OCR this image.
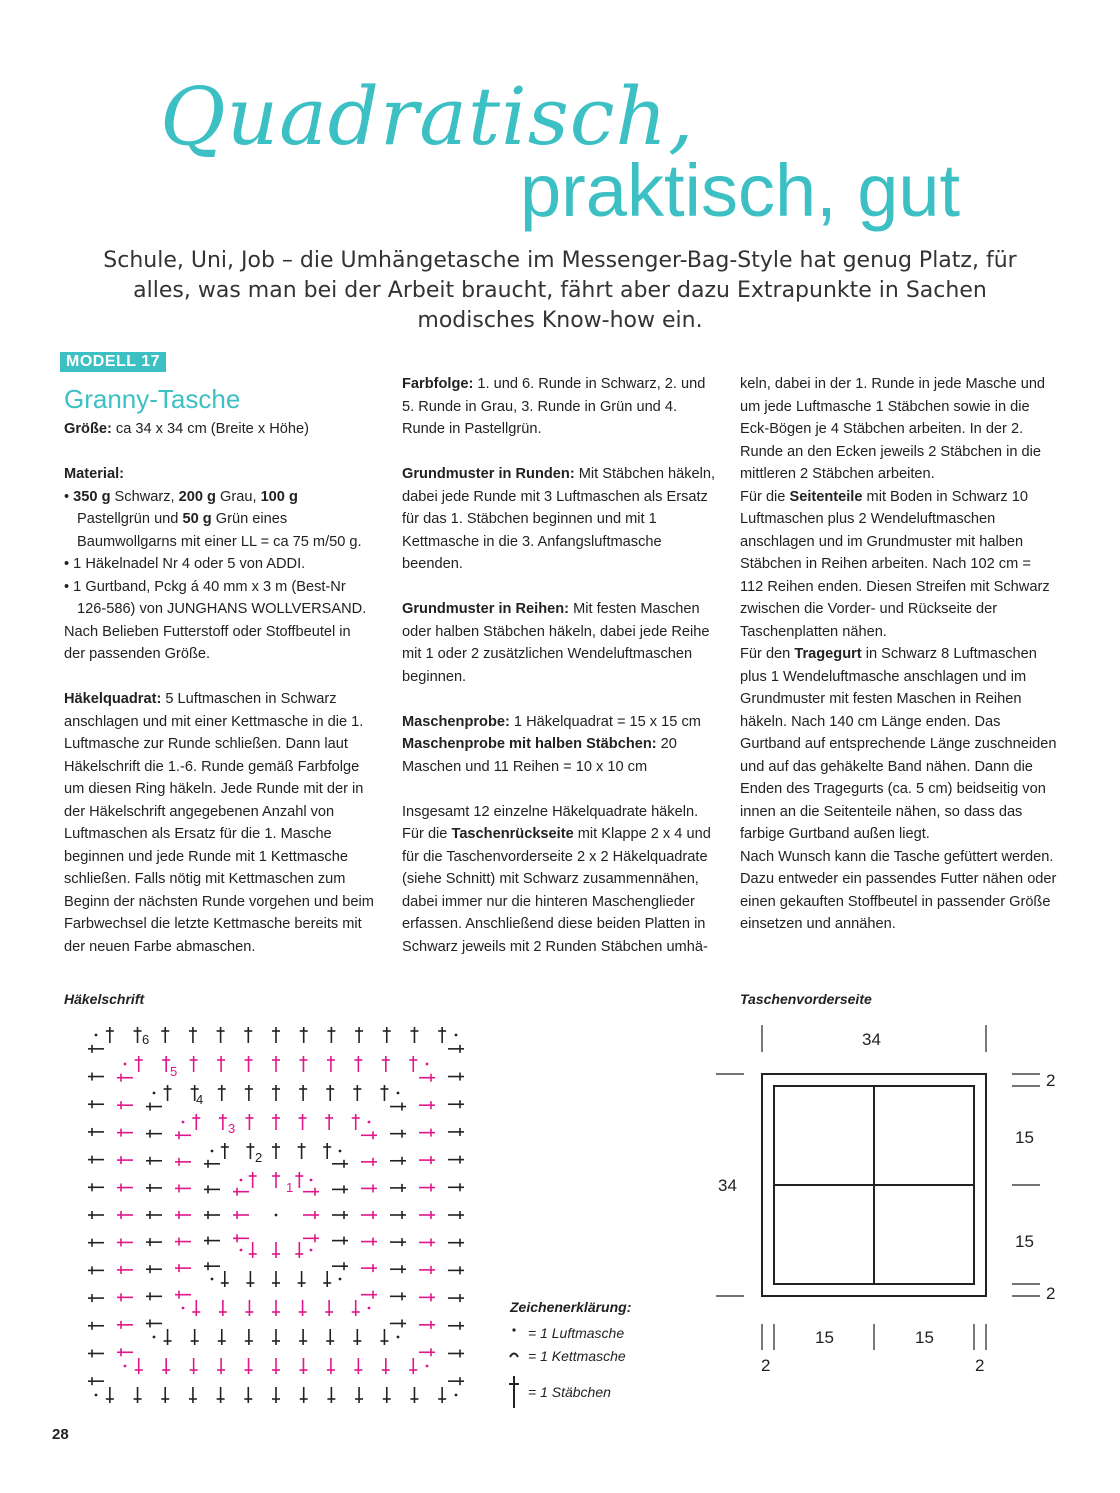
Quadratisch,
praktisch, gut
Schule, Uni, Job – die Umhängetasche im Messenger-Bag-Style hat genug Platz, für alles, was man bei der Arbeit braucht, fährt aber dazu Extrapunkte in Sachen modisches Know-how ein.
MODELL 17
Granny-Tasche

Größe: ca 34 x 34 cm (Breite x Höhe)

Material:

• 350 g Schwarz, 200 g Grau, 100 g Pastellgrün und 50 g Grün eines Baumwollgarns mit einer LL = ca 75 m/50 g.

• 1 Häkelnadel Nr 4 oder 5 von ADDI.

• 1 Gurtband, Pckg á 40 mm x 3 m (Best-Nr 126-586) von JUNGHANS WOLLVERSAND.

Nach Belieben Futterstoff oder Stoffbeutel in der passenden Größe.

Häkelquadrat: 5 Luftmaschen in Schwarz anschlagen und mit einer Kettmasche in die 1. Luftmasche zur Runde schließen. Dann laut Häkelschrift die 1.-6. Runde gemäß Farbfolge um diesen Ring häkeln. Jede Runde mit der in der Häkelschrift angegebenen Anzahl von Luftmaschen als Ersatz für die 1. Masche beginnen und jede Runde mit 1 Kettmasche schließen. Falls nötig mit Kettmaschen zum Beginn der nächsten Runde vorgehen und beim Farbwechsel die letzte Kettmasche bereits mit der neuen Farbe abmaschen.

Farbfolge: 1. und 6. Runde in Schwarz, 2. und 5. Runde in Grau, 3. Runde in Grün und 4. Runde in Pastellgrün.

Grundmuster in Runden: Mit Stäbchen häkeln, dabei jede Runde mit 3 Luftmaschen als Ersatz für das 1. Stäbchen beginnen und mit 1 Kettmasche in die 3. Anfangsluftmasche beenden.

Grundmuster in Reihen: Mit festen Maschen oder halben Stäbchen häkeln, dabei jede Reihe mit 1 oder 2 zusätzlichen Wendeluftmaschen beginnen.

Maschenprobe: 1 Häkelquadrat = 15 x 15 cm

Maschenprobe mit halben Stäbchen: 20 Maschen und 11 Reihen = 10 x 10 cm

Insgesamt 12 einzelne Häkelquadrate häkeln. Für die Taschenrückseite mit Klappe 2 x 4 und für die Taschenvorderseite 2 x 2 Häkelquadrate (siehe Schnitt) mit Schwarz zusammennähen, dabei immer nur die hinteren Maschenglieder erfassen. Anschließend diese beiden Platten in Schwarz jeweils mit 2 Runden Stäbchen umhä-

keln, dabei in der 1. Runde in jede Masche und um jede Luftmasche 1 Stäbchen sowie in die Eck-Bögen je 4 Stäbchen arbeiten. In der 2. Runde an den Ecken jeweils 2 Stäbchen in die mittleren 2 Stäbchen arbeiten.

Für die Seitenteile mit Boden in Schwarz 10 Luftmaschen plus 2 Wendeluftmaschen anschlagen und im Grundmuster mit halben Stäbchen in Reihen arbeiten. Nach 102 cm = 112 Reihen enden. Diesen Streifen mit Schwarz zwischen die Vorder- und Rückseite der Taschenplatten nähen.

Für den Tragegurt in Schwarz 8 Luftmaschen plus 1 Wendeluftmasche anschlagen und im Grundmuster mit festen Maschen in Reihen häkeln. Nach 140 cm Länge enden. Das Gurtband auf entsprechende Länge zuschneiden und auf das gehäkelte Band nähen. Dann die Enden des Tragegurts (ca. 5 cm) beidseitig von innen an die Seitenteile nähen, so dass das farbige Gurtband außen liegt.

Nach Wunsch kann die Tasche gefüttert werden. Dazu entweder ein passendes Futter nähen oder einen gekauften Stoffbeutel in passender Größe einsetzen und annähen.

Häkelschrift
6
5
4
3
2
1
Zeichenerklärung:
= 1 Luftmasche
= 1 Kettmasche
= 1 Stäbchen
Taschenvorderseite
34
34
2
15
15
2
15	15
2	2
28
